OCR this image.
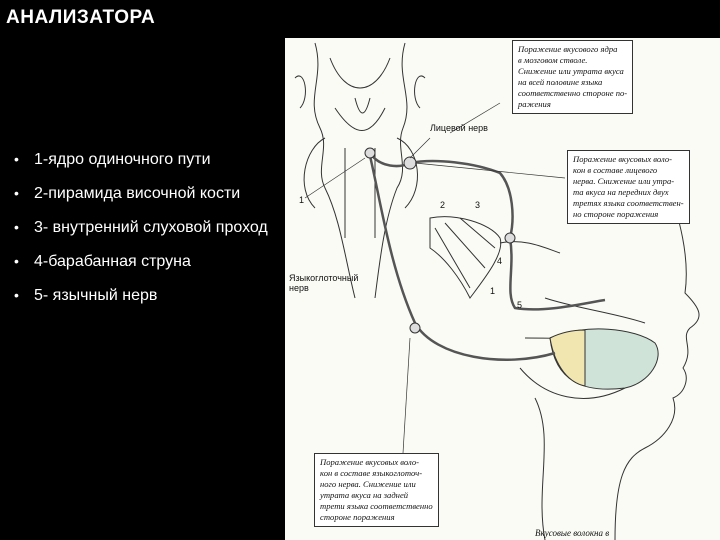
АНАЛИЗАТОРА
• 1-ядро одиночного пути
• 2-пирамида височной кости
• 3- внутренний слуховой проход
• 4-барабанная струна
• 5- язычный нерв
Поражение вкусового ядра
в мозговом стволе.
Снижение или утрата вкуса
на всей половине языка
соответственно стороне по-
ражения
Поражение вкусовых воло-
кон в составе лицевого
нерва. Снижение или утра-
та вкуса на передних двух
третях языка соответствен-
но стороне поражения
Поражение вкусовых воло-
кон в составе языкоглоточ-
ного нерва. Снижение или
утрата вкуса на задней
трети языка соответственно
стороне поражения
Лицевой нерв
Языкоглоточный
нерв
Вкусовые волокна в
1	2	3
1
5
4
